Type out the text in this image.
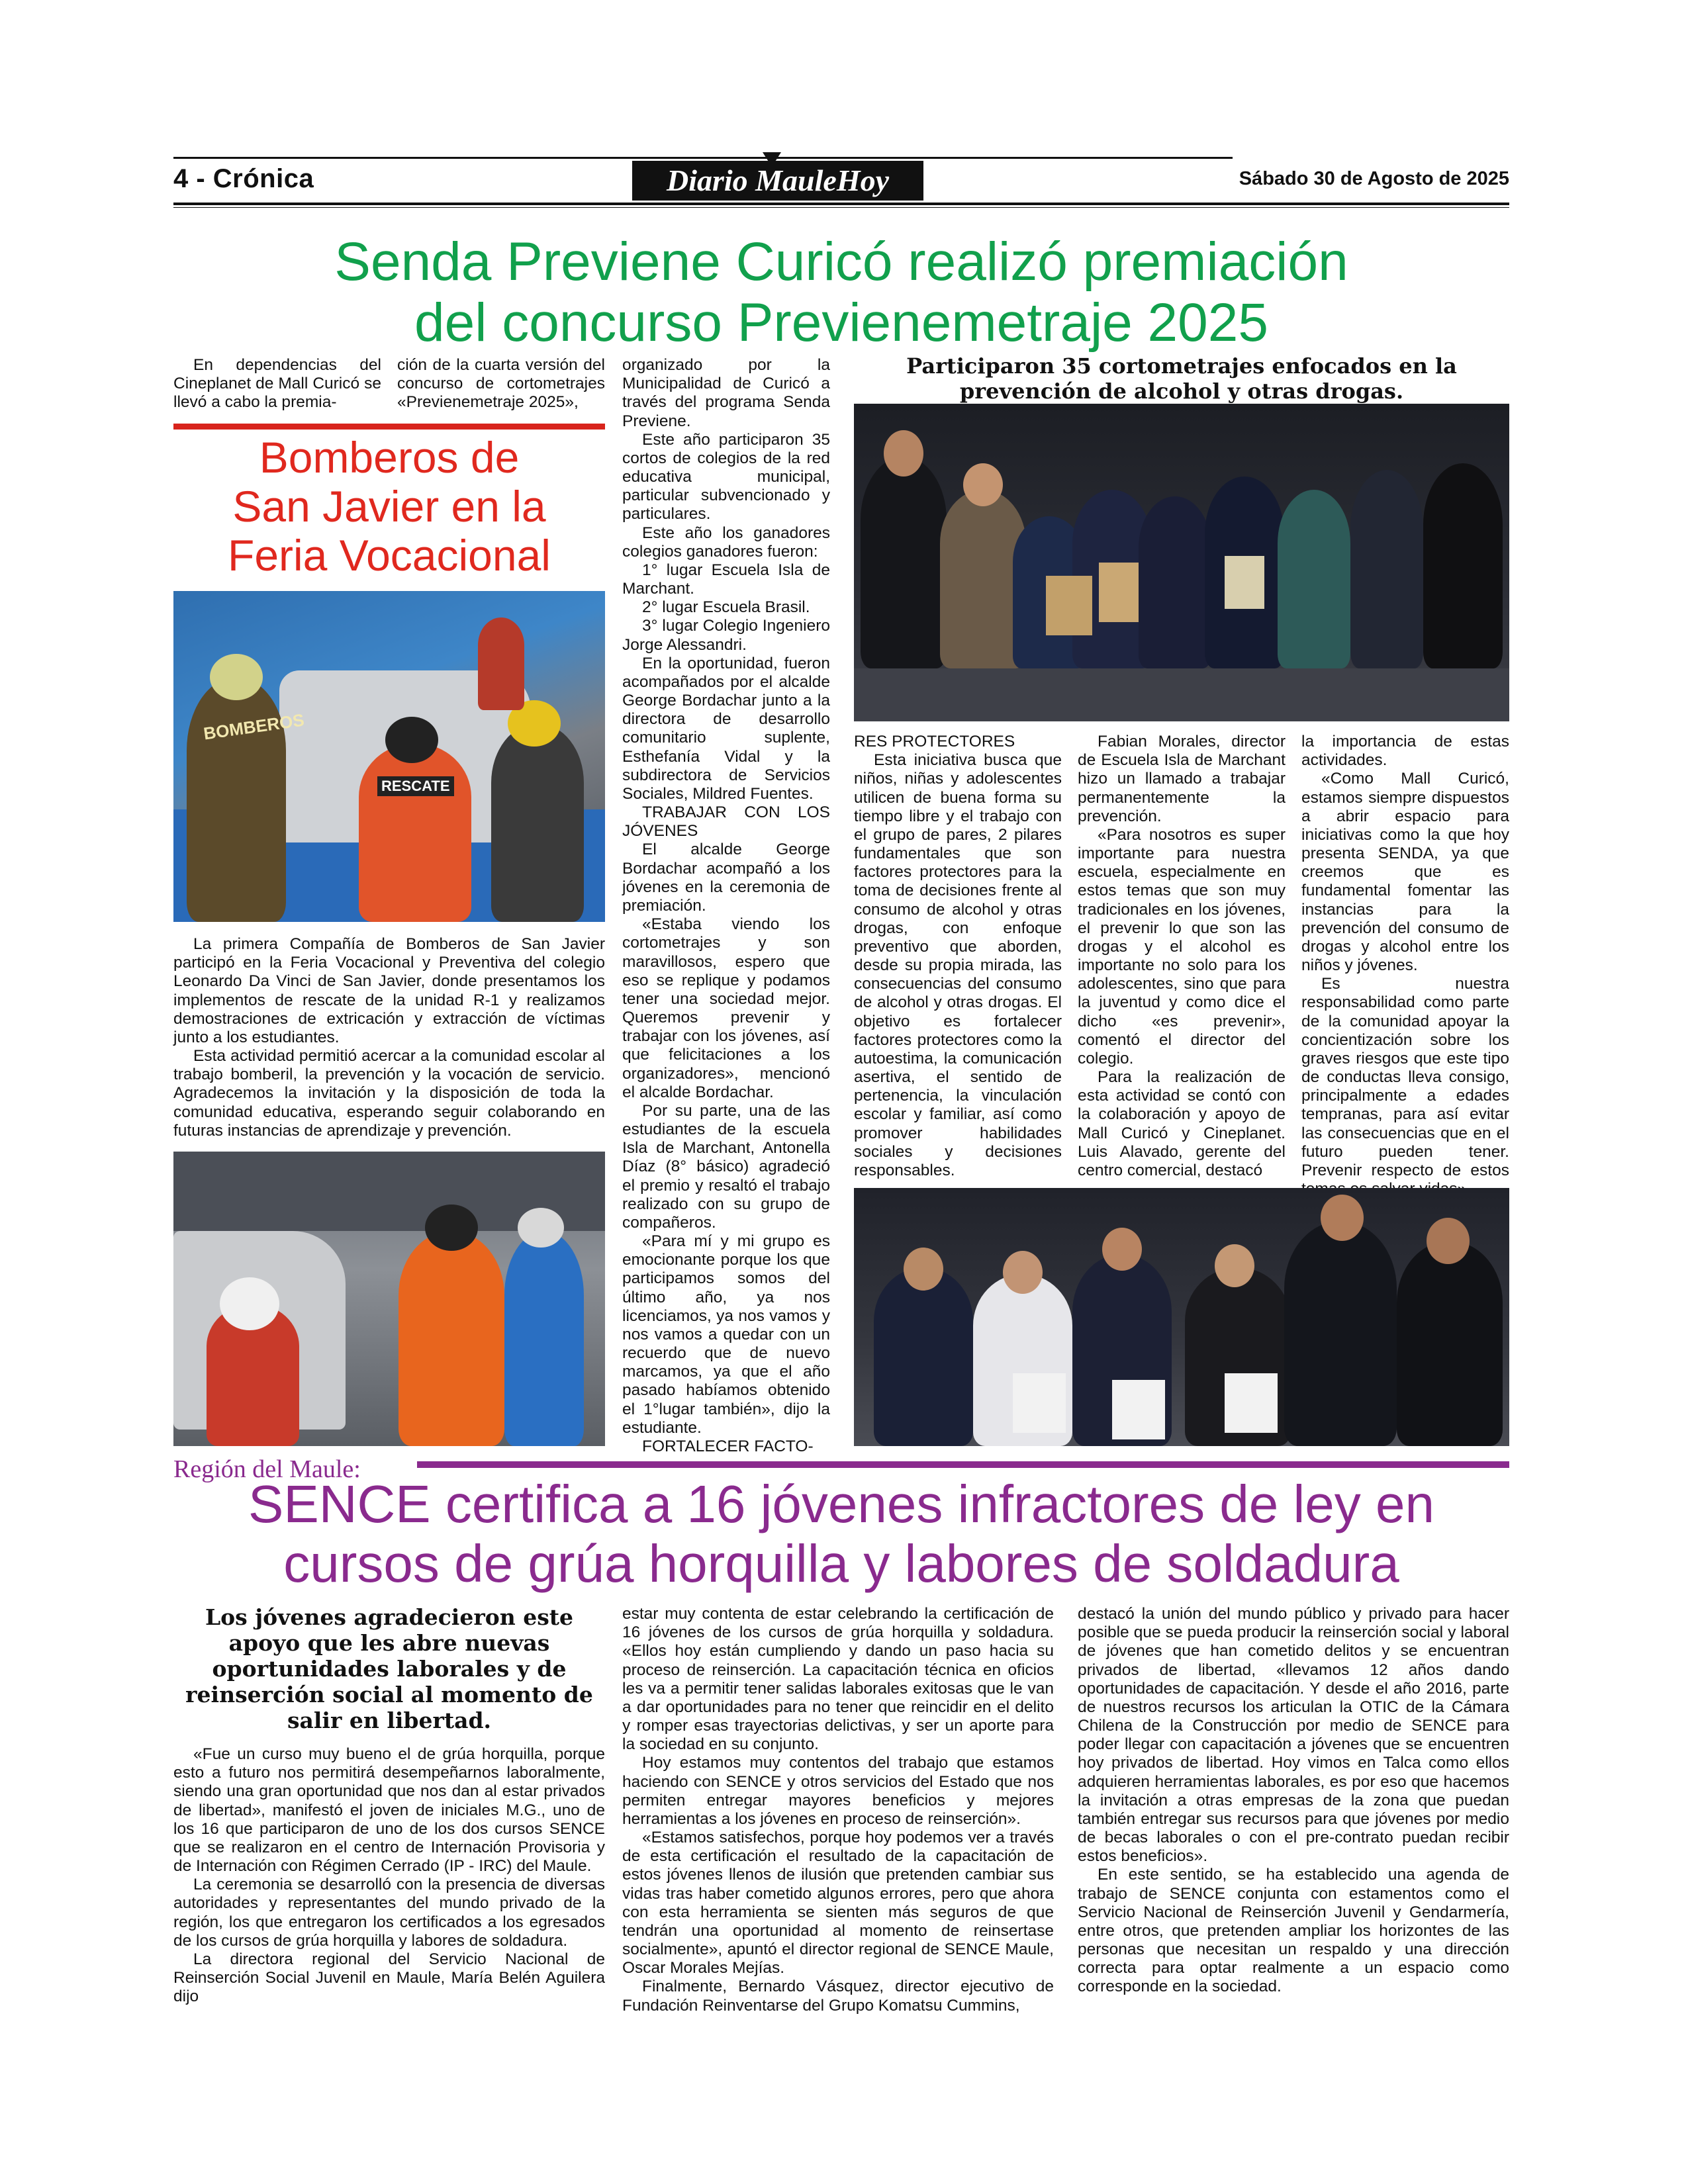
4 - Crónica	Diario MauleHoy	Sábado 30 de Agosto de 2025
Senda Previene Curicó realizó premiación
del concurso Previenemetraje 2025

En dependencias del Cineplanet de Mall Curicó se llevó a cabo la premia-

ción de la cuarta versión del concurso de cortometrajes «Previenemetraje 2025»,

Bomberos de
San Javier en la
Feria Vocacional
BOMBEROS
RESCATE

La primera Compañía de Bomberos de San Javier participó en la Feria Vocacional y Preventiva del colegio Leonardo Da Vinci de San Javier, donde presentamos los implementos de rescate de la unidad R-1 y realizamos demostraciones de extricación y extracción de víctimas junto a los estudiantes.

Esta actividad permitió acercar a la comunidad escolar al trabajo bomberil, la prevención y la vocación de servicio. Agradecemos la invitación y la disposición de toda la comunidad educativa, esperando seguir colaborando en futuras instancias de aprendizaje y prevención.

organizado por la Municipalidad de Curicó a través del programa Senda Previene.

Este año participaron 35 cortos de colegios de la red educativa municipal, particular subvencionado y particulares.

Este año los ganadores colegios ganadores fueron:

1° lugar Escuela Isla de Marchant.

2° lugar Escuela Brasil.

3° lugar Colegio Ingeniero Jorge Alessandri.

En la oportunidad, fueron acompañados por el alcalde George Bordachar junto a la directora de desarrollo comunitario suplente, Esthefanía Vidal y la subdirectora de Servicios Sociales, Mildred Fuentes.

TRABAJAR CON LOS JÓVENES

El alcalde George Bordachar acompañó a los jóvenes en la ceremonia de premiación.

«Estaba viendo los cortometrajes y son maravillosos, espero que eso se replique y podamos tener una sociedad mejor. Queremos prevenir y trabajar con los jóvenes, así que felicitaciones a los organizadores», mencionó el alcalde Bordachar.

Por su parte, una de las estudiantes de la escuela Isla de Marchant, Antonella Díaz (8° básico) agradeció el premio y resaltó el trabajo realizado con su grupo de compañeros.

«Para mí y mi grupo es emocionante porque los que participamos somos del último año, ya nos licenciamos, ya nos vamos y nos vamos a quedar con un recuerdo que de nuevo marcamos, ya que el año pasado habíamos obtenido el 1°lugar también», dijo la estudiante.

FORTALECER FACTO-

Participaron 35 cortometrajes enfocados en la
prevención de alcohol y otras drogas.

RES PROTECTORES

Esta iniciativa busca que niños, niñas y adolescentes utilicen de buena forma su tiempo libre y el trabajo con el grupo de pares, 2 pilares fundamentales que son factores protectores para la toma de decisiones frente al consumo de alcohol y otras drogas, con enfoque preventivo que aborden, desde su propia mirada, las consecuencias del consumo de alcohol y otras drogas. El objetivo es fortalecer factores protectores como la autoestima, la comunicación asertiva, el sentido de pertenencia, la vinculación escolar y familiar, así como promover habilidades sociales y decisiones responsables.

Fabian Morales, director de Escuela Isla de Marchant hizo un llamado a trabajar permanentemente la prevención.

«Para nosotros es super importante para nuestra escuela, especialmente en estos temas que son muy tradicionales en los jóvenes, el prevenir lo que son las drogas y el alcohol es importante no solo para los adolescentes, sino que para la juventud y como dice el dicho «es prevenir», comentó el director del colegio.

Para la realización de esta actividad se contó con la colaboración y apoyo de Mall Curicó y Cineplanet. Luis Alavado, gerente del centro comercial, destacó

la importancia de estas actividades.

«Como Mall Curicó, estamos siempre dispuestos a abrir espacio para iniciativas como la que hoy presenta SENDA, ya que creemos que es fundamental fomentar las instancias para la prevención del consumo de drogas y alcohol entre los niños y jóvenes.

Es nuestra responsabilidad como parte de la comunidad apoyar la concientización sobre los graves riesgos que este tipo de conductas lleva consigo, principalmente a edades tempranas, para así evitar las consecuencias que en el futuro pueden tener. Prevenir respecto de estos

Región del Maule:
SENCE certifica a 16 jóvenes infractores de ley en
cursos de grúa horquilla y labores de soldadura
Los jóvenes agradecieron este
apoyo que les abre nuevas
oportunidades laborales y de
reinserción social al momento de
salir en libertad.

«Fue un curso muy bueno el de grúa horquilla, porque esto a futuro nos permitirá desempeñarnos laboralmente, siendo una gran oportunidad que nos dan al estar privados de libertad», manifestó el joven de iniciales M.G., uno de los 16 que participaron de uno de los dos cursos SENCE que se realizaron en el centro de Internación Provisoria y de Internación con Régimen Cerrado (IP - IRC) del Maule.

La ceremonia se desarrolló con la presencia de diversas autoridades y representantes del mundo privado de la región, los que entregaron los certificados a los egresados de los cursos de grúa horquilla y labores de soldadura.

La directora regional del Servicio Nacional de Reinserción Social Juvenil en Maule, María Belén Aguilera dijo

estar muy contenta de estar celebrando la certificación de 16 jóvenes de los cursos de grúa horquilla y soldadura. «Ellos hoy están cumpliendo y dando un paso hacia su proceso de reinserción. La capacitación técnica en oficios les va a permitir tener salidas laborales exitosas que le van a dar oportunidades para no tener que reincidir en el delito y romper esas trayectorias delictivas, y ser un aporte para la sociedad en su conjunto.

Hoy estamos muy contentos del trabajo que estamos haciendo con SENCE y otros servicios del Estado que nos permiten entregar mayores beneficios y mejores herramientas a los jóvenes en proceso de reinserción».

«Estamos satisfechos, porque hoy podemos ver a través de esta certificación el resultado de la capacitación de estos jóvenes llenos de ilusión que pretenden cambiar sus vidas tras haber cometido algunos errores, pero que ahora con esta herramienta se sienten más seguros de que tendrán una oportunidad al momento de reinsertase socialmente», apuntó el director regional de SENCE Maule, Oscar Morales Mejías.

Finalmente, Bernardo Vásquez, director ejecutivo de Fundación Reinventarse del Grupo Komatsu Cummins,

destacó la unión del mundo público y privado para hacer posible que se pueda producir la reinserción social y laboral de jóvenes que han cometido delitos y se encuentran privados de libertad, «llevamos 12 años dando oportunidades de capacitación. Y desde el año 2016, parte de nuestros recursos los articulan la OTIC de la Cámara Chilena de la Construcción por medio de SENCE para poder llegar con capacitación a jóvenes que se encuentren hoy privados de libertad. Hoy vimos en Talca como ellos adquieren herramientas laborales, es por eso que hacemos la invitación a otras empresas de la zona que puedan también entregar sus recursos para que jóvenes por medio de becas laborales o con el pre-contrato puedan recibir estos beneficios».

En este sentido, se ha establecido una agenda de trabajo de SENCE conjunta con estamentos como el Servicio Nacional de Reinserción Juvenil y Gendarmería, entre otros, que pretenden ampliar los horizontes de las personas que necesitan un respaldo y una dirección correcta para optar realmente a un espacio como corresponde en la sociedad.
